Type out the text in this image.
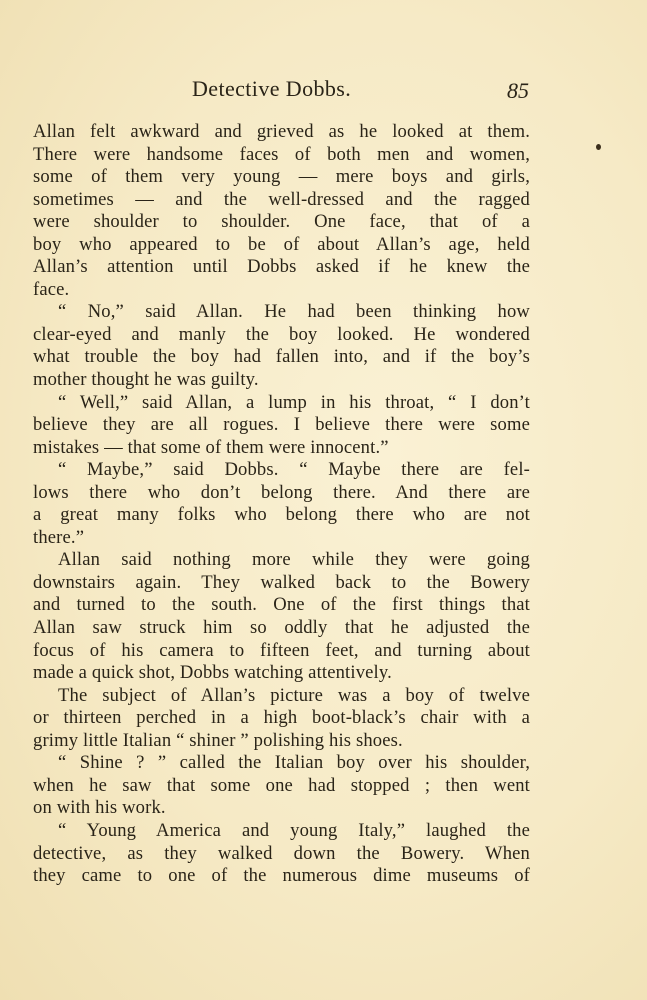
Detective Dobbs.	85
Allan felt awkward and grieved as he looked at them.
There were handsome faces of both men and women,
some of them very young — mere boys and girls,
sometimes — and the well-dressed and the ragged
were shoulder to shoulder. One face, that of a
boy who appeared to be of about Allan’s age, held
Allan’s attention until Dobbs asked if he knew the
face.
“ No,” said Allan. He had been thinking how
clear-eyed and manly the boy looked. He wondered
what trouble the boy had fallen into, and if the boy’s
mother thought he was guilty.
“ Well,” said Allan, a lump in his throat, “ I don’t
believe they are all rogues. I believe there were some
mistakes — that some of them were innocent.”
“ Maybe,” said Dobbs. “ Maybe there are fel-
lows there who don’t belong there. And there are
a great many folks who belong there who are not
there.”
Allan said nothing more while they were going
downstairs again. They walked back to the Bowery
and turned to the south. One of the first things that
Allan saw struck him so oddly that he adjusted the
focus of his camera to fifteen feet, and turning about
made a quick shot, Dobbs watching attentively.
The subject of Allan’s picture was a boy of twelve
or thirteen perched in a high boot-black’s chair with a
grimy little Italian “ shiner ” polishing his shoes.
“ Shine ? ” called the Italian boy over his shoulder,
when he saw that some one had stopped ; then went
on with his work.
“ Young America and young Italy,” laughed the
detective, as they walked down the Bowery. When
they came to one of the numerous dime museums of
